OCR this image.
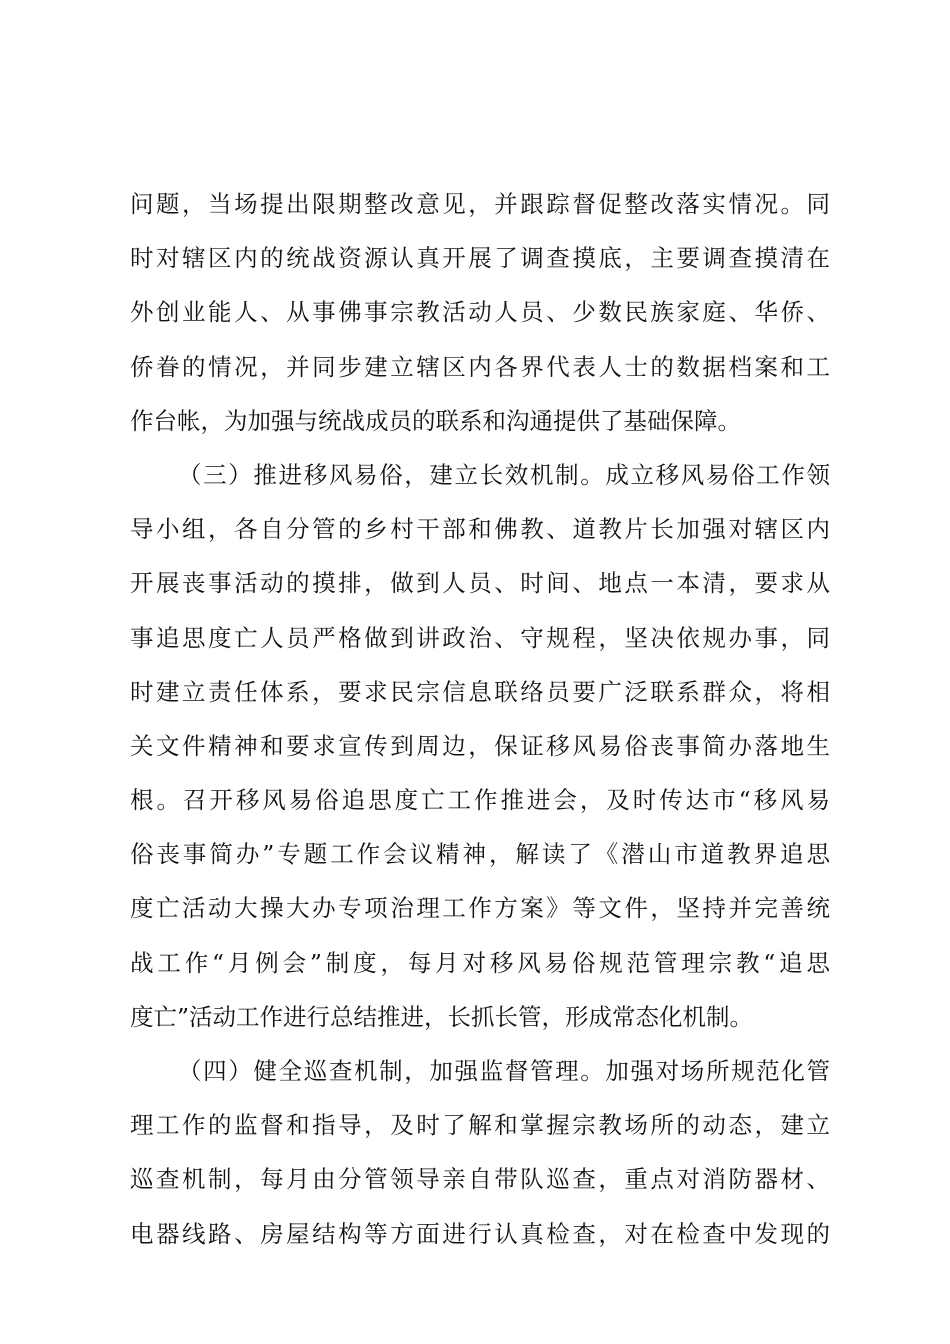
问题，当场提出限期整改意见，并跟踪督促整改落实情况。同
时对辖区内的统战资源认真开展了调查摸底，主要调查摸清在
外创业能人、从事佛事宗教活动人员、少数民族家庭、华侨、
侨眷的情况，并同步建立辖区内各界代表人士的数据档案和工
作台帐，为加强与统战成员的联系和沟通提供了基础保障。
（三）推进移风易俗，建立长效机制。成立移风易俗工作领
导小组，各自分管的乡村干部和佛教、道教片长加强对辖区内
开展丧事活动的摸排，做到人员、时间、地点一本清，要求从
事追思度亡人员严格做到讲政治、守规程，坚决依规办事，同
时建立责任体系，要求民宗信息联络员要广泛联系群众，将相
关文件精神和要求宣传到周边，保证移风易俗丧事简办落地生
根。召开移风易俗追思度亡工作推进会，及时传达市“移风易
俗丧事简办”专题工作会议精神，解读了《潜山市道教界追思
度亡活动大操大办专项治理工作方案》等文件，坚持并完善统
战工作“月例会”制度，每月对移风易俗规范管理宗教“追思
度亡”活动工作进行总结推进，长抓长管，形成常态化机制。
（四）健全巡查机制，加强监督管理。加强对场所规范化管
理工作的监督和指导，及时了解和掌握宗教场所的动态，建立
巡查机制，每月由分管领导亲自带队巡查，重点对消防器材、
电器线路、房屋结构等方面进行认真检查，对在检查中发现的
